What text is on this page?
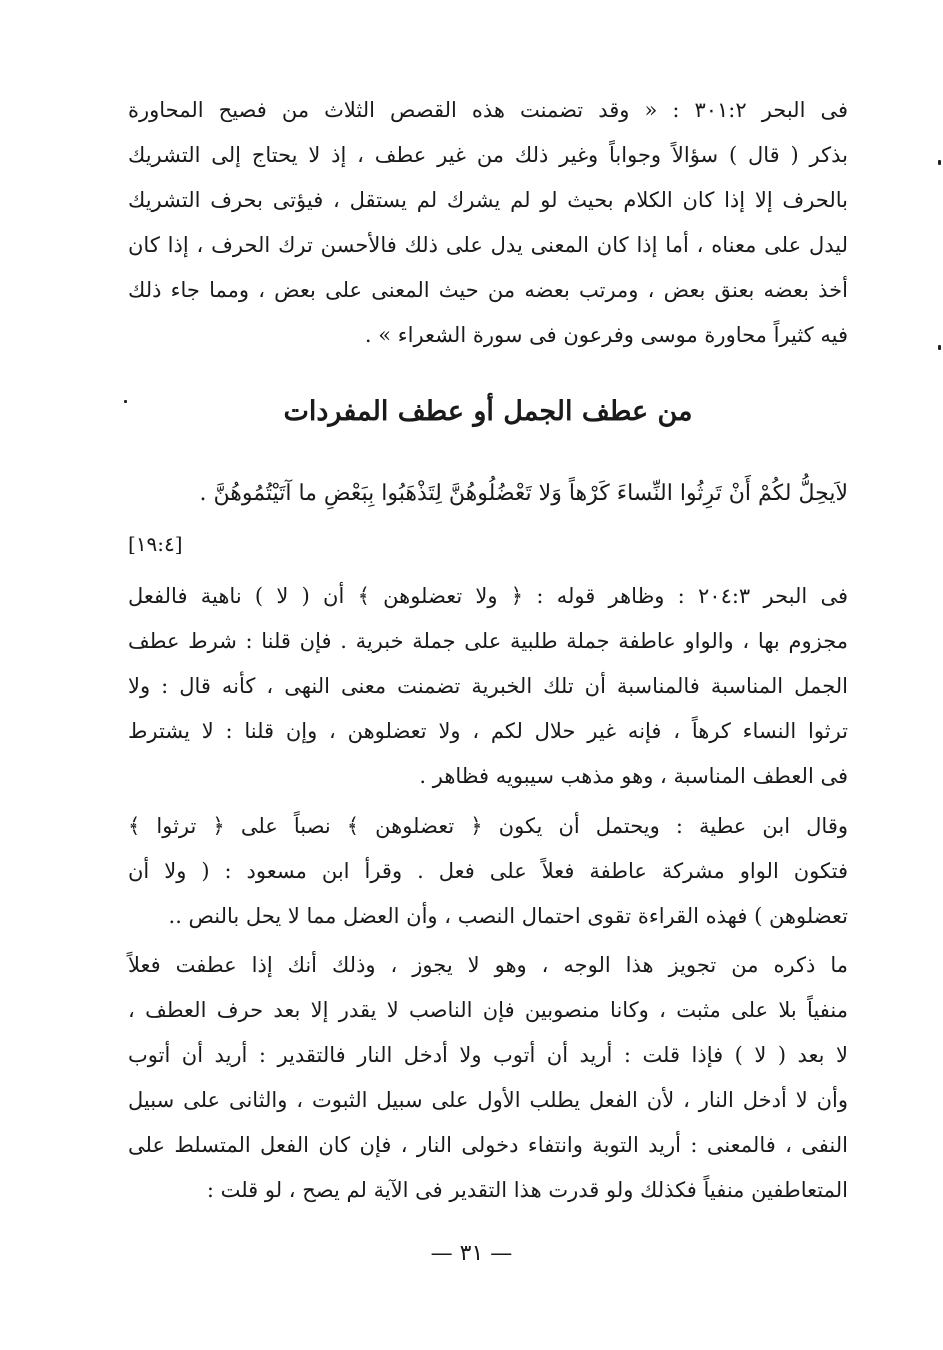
فى البحر ٣٠١:٢ : « وقد تضمنت هذه القصص الثلاث من فصيح المحاورة
بذكر ( قال ) سؤالاً وجواباً وغير ذلك من غير عطف ، إذ لا يحتاج إلى التشريك
بالحرف إلا إذا كان الكلام بحيث لو لم يشرك لم يستقل ، فيؤتى بحرف التشريك
ليدل على معناه ، أما إذا كان المعنى يدل على ذلك فالأحسن ترك الحرف ، إذا كان
أخذ بعضه بعنق بعض ، ومرتب بعضه من حيث المعنى على بعض ، ومما جاء ذلك
فيه كثيراً محاورة موسى وفرعون فى سورة الشعراء » .

من عطف الجمل أو عطف المفردات
لاَيحِلُّ لكُمْ أَنْ تَرِثُوا النِّساءَ كَرْهاً وَلا تَعْضُلُوهُنَّ لِتَذْهَبُوا بِبَعْضِ ما آتَيْتُمُوهُنَّ .
[١٩:٤]

فى البحر ٢٠٤:٣ : وظاهر قوله : ﴿ ولا تعضلوهن ﴾ أن ( لا ) ناهية فالفعل
مجزوم بها ، والواو عاطفة جملة طلبية على جملة خبرية . فإن قلنا : شرط عطف
الجمل المناسبة فالمناسبة أن تلك الخبرية تضمنت معنى النهى ، كأنه قال : ولا
ترثوا النساء كرهاً ، فإنه غير حلال لكم ، ولا تعضلوهن ، وإن قلنا : لا يشترط
فى العطف المناسبة ، وهو مذهب سيبويه فظاهر .

وقال ابن عطية : ويحتمل أن يكون ﴿ تعضلوهن ﴾ نصباً على ﴿ ترثوا ﴾
فتكون الواو مشركة عاطفة فعلاً على فعل . وقرأ ابن مسعود : ( ولا أن
تعضلوهن ) فهذه القراءة تقوى احتمال النصب ، وأن العضل مما لا يحل بالنص ..

ما ذكره من تجويز هذا الوجه ، وهو لا يجوز ، وذلك أنك إذا عطفت فعلاً
منفياً بلا على مثبت ، وكانا منصوبين فإن الناصب لا يقدر إلا بعد حرف العطف ،
لا بعد ( لا ) فإذا قلت : أريد أن أتوب ولا أدخل النار فالتقدير : أريد أن أتوب
وأن لا أدخل النار ، لأن الفعل يطلب الأول على سبيل الثبوت ، والثانى على سبيل
النفى ، فالمعنى : أريد التوبة وانتفاء دخولى النار ، فإن كان الفعل المتسلط على
المتعاطفين منفياً فكذلك ولو قدرت هذا التقدير فى الآية لم يصح ، لو قلت :

— ٣١ —
